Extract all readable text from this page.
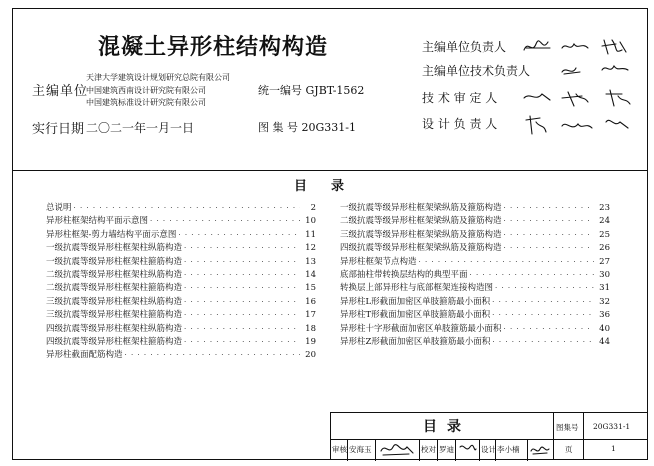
混凝土异形柱结构构造
主编单位
天津大学建筑设计规划研究总院有限公司
中国建筑西南设计研究院有限公司
中国建筑标准设计研究院有限公司
实行日期 二〇二一年一月一日
统一编号 GJBT-1562
图 集 号 20G331-1
主编单位负责人
主编单位技术负责人
技 术 审 定 人
设 计 负 责 人
目录
总说明 · · ·	2
异形柱框架结构平面示意图 · · ·	10
异形柱框架-剪力墙结构平面示意图 · · ·	11
一级抗震等级异形柱框架柱纵筋构造 · · ·	12
一级抗震等级异形柱框架柱箍筋构造 · · ·	13
二级抗震等级异形柱框架柱纵筋构造 · · ·	14
二级抗震等级异形柱框架柱箍筋构造 · · ·	15
三级抗震等级异形柱框架柱纵筋构造 · · ·	16
三级抗震等级异形柱框架柱箍筋构造 · · ·	17
四级抗震等级异形柱框架柱纵筋构造 · · ·	18
四级抗震等级异形柱框架柱箍筋构造 · · ·	19
异形柱截面配筋构造 · · ·	20
一级抗震等级异形柱框架梁纵筋及箍筋构造 · · ·	23
二级抗震等级异形柱框架梁纵筋及箍筋构造 · · ·	24
三级抗震等级异形柱框架梁纵筋及箍筋构造 · · ·	25
四级抗震等级异形柱框架梁纵筋及箍筋构造 · · ·	26
异形柱框架节点构造 · · ·	27
底部抽柱带转换层结构的典型平面 · · ·	30
转换层上部异形柱与底部框架连接构造图 · · ·	31
异形柱L形截面加密区单肢箍筋最小面积 · · ·	32
异形柱T形截面加密区单肢箍筋最小面积 · · ·	36
异形柱十字形截面加密区单肢箍筋最小面积 · · ·	40
异形柱Z形截面加密区单肢箍筋最小面积 · · ·	44
目录	图集号 20G331-1
审核 安海玉	校对 罗迪	设计 李小楠	页	1
